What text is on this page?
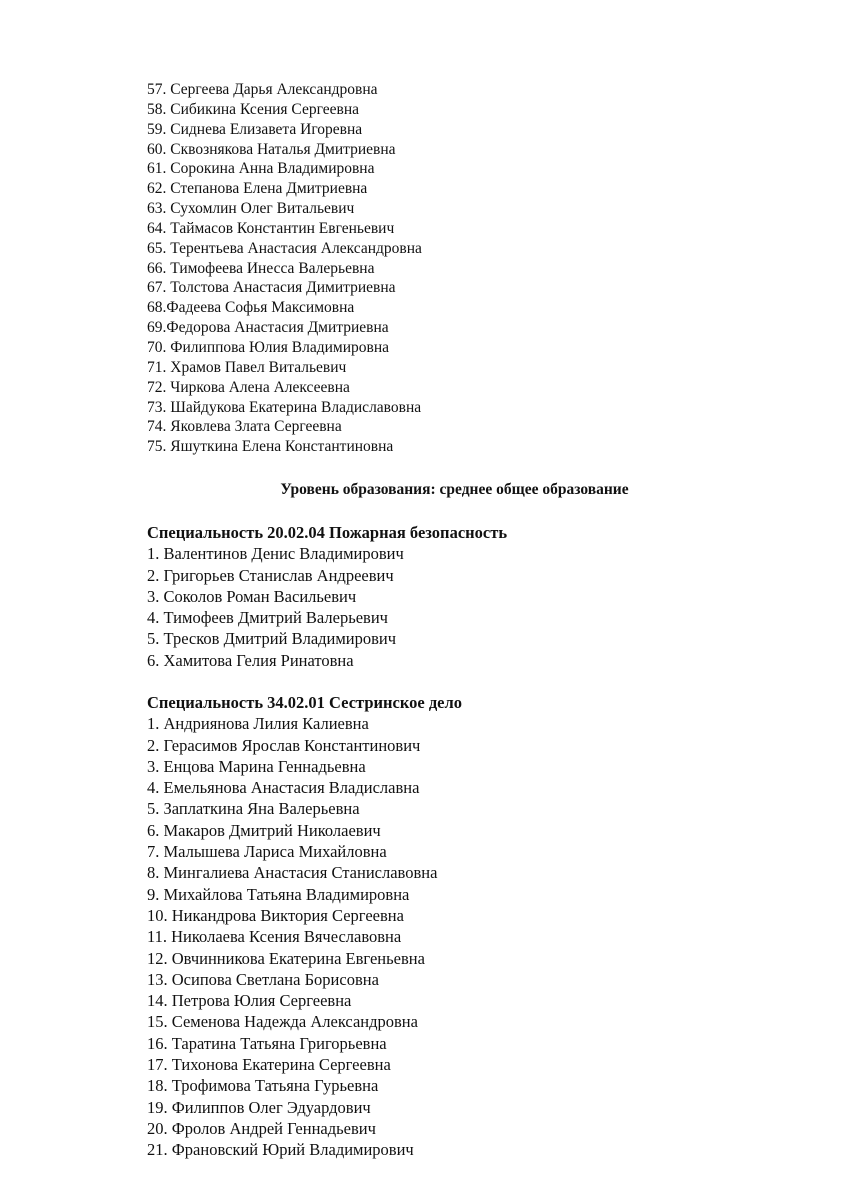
57. Сергеева Дарья Александровна
58. Сибикина Ксения Сергеевна
59. Сиднева Елизавета Игоревна
60. Сквознякова Наталья Дмитриевна
61. Сорокина Анна Владимировна
62. Степанова Елена Дмитриевна
63. Сухомлин Олег Витальевич
64. Таймасов Константин Евгеньевич
65. Терентьева Анастасия Александровна
66. Тимофеева Инесса Валерьевна
67. Толстова Анастасия Димитриевна
68.Фадеева Софья Максимовна
69.Федорова Анастасия Дмитриевна
70. Филиппова Юлия Владимировна
71. Храмов Павел Витальевич
72. Чиркова Алена Алексеевна
73. Шайдукова Екатерина Владиславовна
74. Яковлева Злата Сергеевна
75. Яшуткина Елена Константиновна
Уровень образования: среднее общее образование
Специальность 20.02.04 Пожарная безопасность
1. Валентинов Денис Владимирович
2. Григорьев Станислав Андреевич
3. Соколов Роман Васильевич
4. Тимофеев Дмитрий Валерьевич
5. Тресков Дмитрий Владимирович
6. Хамитова Гелия Ринатовна
Специальность 34.02.01 Сестринское дело
1. Андриянова Лилия Калиевна
2. Герасимов Ярослав Константинович
3. Енцова Марина Геннадьевна
4. Емельянова Анастасия Владиславна
5. Заплаткина Яна Валерьевна
6. Макаров Дмитрий Николаевич
7. Малышева Лариса Михайловна
8. Мингалиева Анастасия Станиславовна
9. Михайлова Татьяна Владимировна
10. Никандрова Виктория Сергеевна
11. Николаева Ксения Вячеславовна
12. Овчинникова Екатерина Евгеньевна
13. Осипова Светлана Борисовна
14. Петрова Юлия Сергеевна
15. Семенова Надежда Александровна
16. Таратина Татьяна Григорьевна
17. Тихонова Екатерина Сергеевна
18. Трофимова Татьяна Гурьевна
19. Филиппов Олег Эдуардович
20. Фролов Андрей Геннадьевич
21. Франовский Юрий Владимирович
